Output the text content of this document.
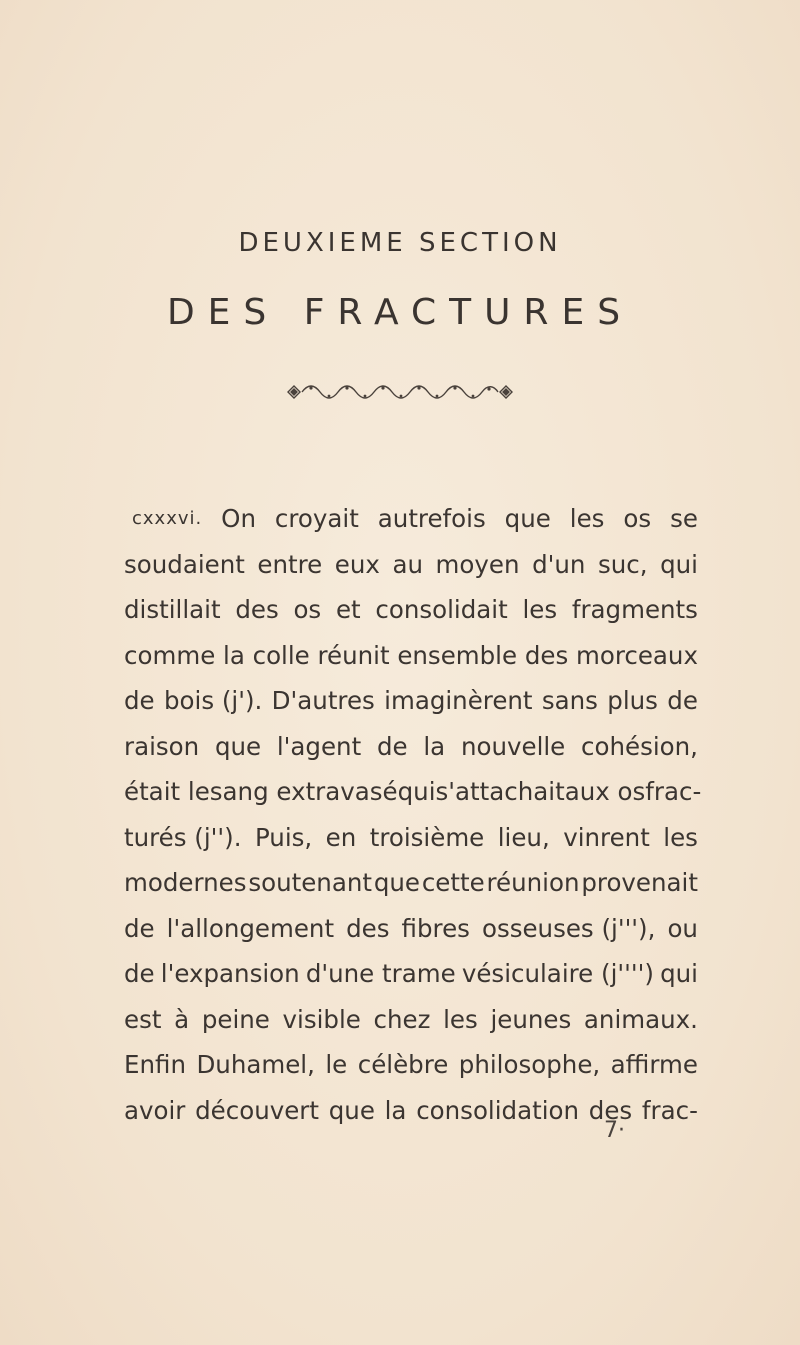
DEUXIEME SECTION
DES FRACTURES
cxxxvi. On croyait autrefois que les os se
soudaient entre eux au moyen d'un suc, qui
distillait des os et consolidait les fragments
comme la colle réunit ensemble des morceaux
de bois (j'). D'autres imaginèrent sans plus de
raison que l'agent de la nouvelle cohésion,
était le sang extravasé qui s'attachait aux os frac-
turés (j''). Puis, en troisième lieu, vinrent les
modernes soutenant que cette réunion provenait
de l'allongement des fibres osseuses (j'''), ou
de l'expansion d'une trame vésiculaire (j'''') qui
est à peine visible chez les jeunes animaux.
Enfin Duhamel, le célèbre philosophe, affirme
avoir découvert que la consolidation des frac-
7·
